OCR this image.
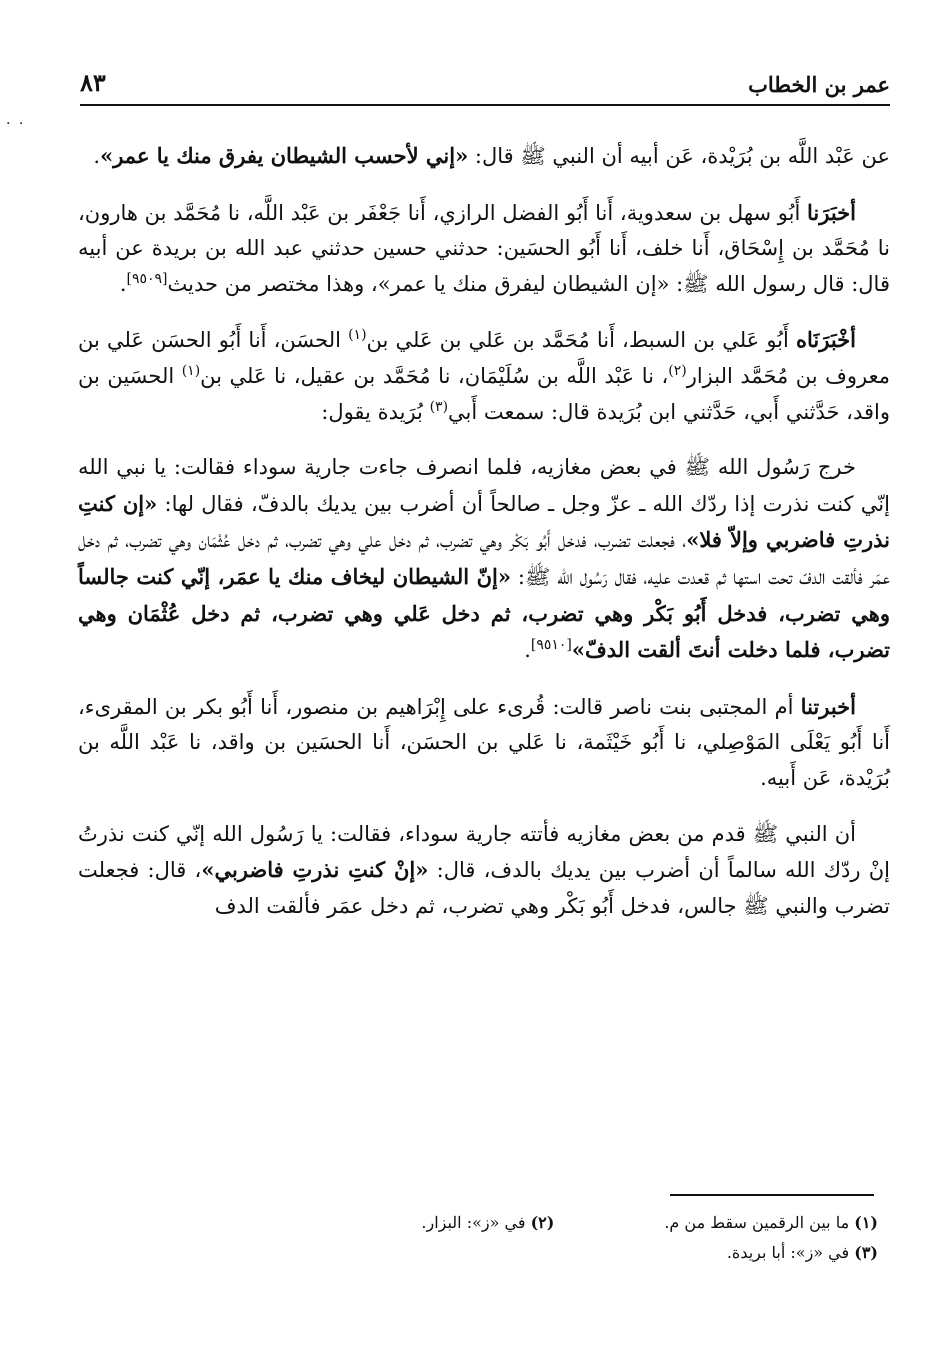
عمر بن الخطاب
٨٣
. .

عن عَبْد اللَّه بن بُرَيْدة، عَن أبيه أن النبي ﷺ قال: «إني لأحسب الشيطان يفرق منك يا عمر».

أخبَرَنا أَبُو سهل بن سعدوية، أَنا أَبُو الفضل الرازي، أَنا جَعْفَر بن عَبْد اللَّه، نا مُحَمَّد بن هارون، نا مُحَمَّد بن إِسْحَاق، أَنا خلف، أَنا أَبُو الحسَين: حدثني حسين حدثني عبد الله بن بريدة عن أبيه قال: قال رسول الله ﷺ: «إن الشيطان ليفرق منك يا عمر»، وهذا مختصر من حديث[٩٥٠٩].

أخْبَرَنَاه أَبُو عَلي بن السبط، أَنا مُحَمَّد بن عَلي بن عَلي بن$^{(١)}$ الحسَن، أَنا أَبُو الحسَن عَلي بن معروف بن مُحَمَّد البزار$^{(٢)}$، نا عَبْد اللَّه بن سُلَيْمَان، نا مُحَمَّد بن عقيل، نا عَلي بن$^{(١)}$ الحسَين بن واقد، حَدَّثني أَبي، حَدَّثني ابن بُرَيدة قال: سمعت أَبي$^{(٣)}$ بُرَيدة يقول:

خرج رَسُول الله ﷺ في بعض مغازيه، فلما انصرف جاءت جارية سوداء فقالت: يا نبي الله إنّي كنت نذرت إذا ردّك الله ـ عزّ وجل ـ صالحاً أن أضرب بين يديك بالدفّ، فقال لها: «إن كنتِ نذرتِ فاضربي وإلاّ فلا»، فجعلت تضرب، فدخل أَبُو بَكْر وهي تضرب، ثم دخل علي وهي تضرب، ثم دخل عُثْمَان وهي تضرب، ثم دخل عمَر فألقت الدفّ تحت استها ثم قعدت عليه، فقال رَسُول الله ﷺ: «إنّ الشيطان ليخاف منك يا عمَر، إنّي كنت جالساً وهي تضرب، فدخل أَبُو بَكْر وهي تضرب، ثم دخل عَلي وهي تضرب، ثم دخل عُثْمَان وهي تضرب، فلما دخلت أنتَ ألقت الدفّ»[٩٥١٠].

أخبرتنا أم المجتبى بنت ناصر قالت: قُرىء على إِبْرَاهيم بن منصور، أَنا أَبُو بكر بن المقرىء، أَنا أَبُو يَعْلَى المَوْصِلي، نا أَبُو خَيْثَمة، نا عَلي بن الحسَن، أَنا الحسَين بن واقد، نا عَبْد اللَّه بن بُرَيْدة، عَن أَبيه.

أن النبي ﷺ قدم من بعض مغازيه فأتته جارية سوداء، فقالت: يا رَسُول الله إنّي كنت نذرتُ إنْ ردّك الله سالماً أن أضرب بين يديك بالدف، قال: «إنْ كنتِ نذرتِ فاضربي»، قال: فجعلت تضرب والنبي ﷺ جالس، فدخل أَبُو بَكْر وهي تضرب، ثم دخل عمَر فألقت الدف

(١) ما بين الرقمين سقط من م.
(٢) في «ز»: البزار.
(٣) في «ز»: أبا بريدة.
